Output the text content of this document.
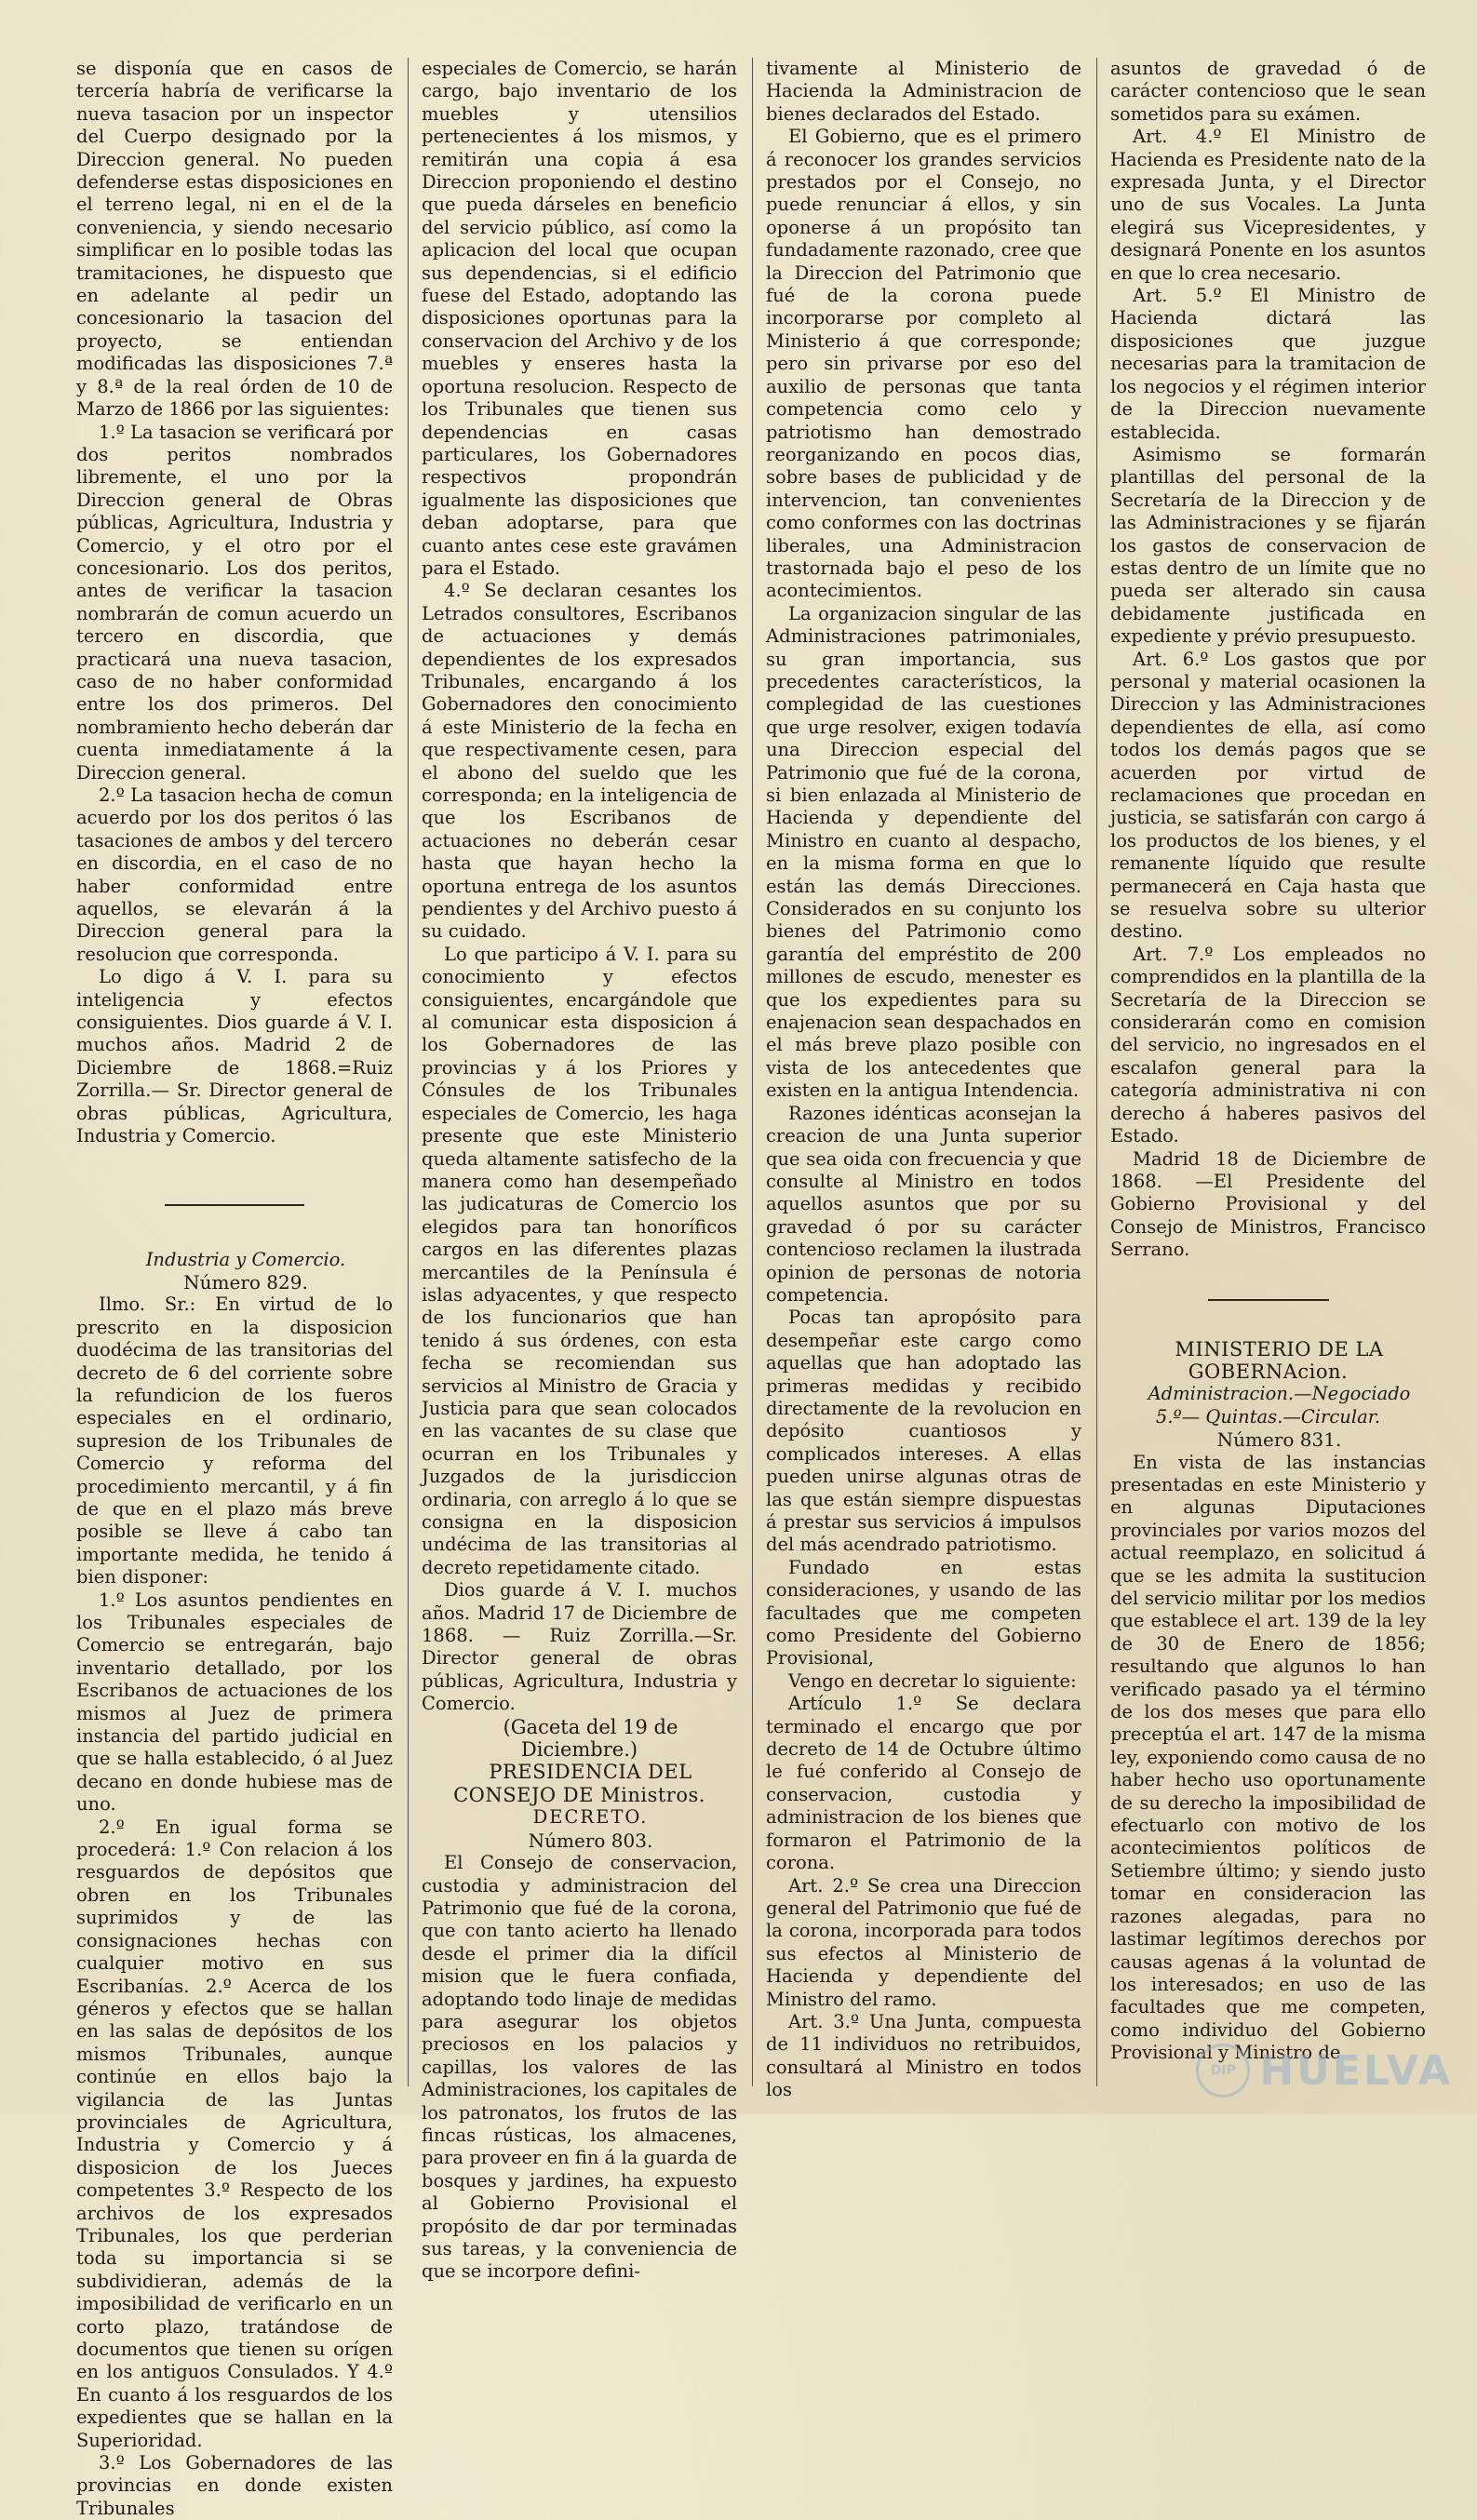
se disponía que en casos de tercería habría de verificarse la nueva tasacion por un inspector del Cuerpo designado por la Direccion general. No pueden defenderse estas disposiciones en el terreno legal, ni en el de la conveniencia, y siendo necesario simplificar en lo posible todas las tramitaciones, he dispuesto que en adelante al pedir un concesionario la tasacion del proyecto, se entiendan modificadas las disposiciones 7.ª y 8.ª de la real órden de 10 de Marzo de 1866 por las siguientes:

1.º La tasacion se verificará por dos peritos nombrados libremente, el uno por la Direccion general de Obras públicas, Agricultura, Industria y Comercio, y el otro por el concesionario. Los dos peritos, antes de verificar la tasacion nombrarán de comun acuerdo un tercero en discordia, que practicará una nueva tasacion, caso de no haber conformidad entre los dos primeros. Del nombramiento hecho deberán dar cuenta inmediatamente á la Direccion general.

2.º La tasacion hecha de comun acuerdo por los dos peritos ó las tasaciones de ambos y del tercero en discordia, en el caso de no haber conformidad entre aquellos, se elevarán á la Direccion general para la resolucion que corresponda.

Lo digo á V. I. para su inteligencia y efectos consiguientes. Dios guarde á V. I. muchos años. Madrid 2 de Diciembre de 1868.=Ruiz Zorrilla.— Sr. Director general de obras públicas, Agricultura, Industria y Comercio.

Industria y Comercio.

Número 829.

Ilmo. Sr.: En virtud de lo prescrito en la disposicion duodécima de las transitorias del decreto de 6 del corriente sobre la refundicion de los fueros especiales en el ordinario, supresion de los Tribunales de Comercio y reforma del procedimiento mercantil, y á fin de que en el plazo más breve posible se lleve á cabo tan importante medida, he tenido á bien disponer:

1.º Los asuntos pendientes en los Tribunales especiales de Comercio se entregarán, bajo inventario detallado, por los Escribanos de actuaciones de los mismos al Juez de primera instancia del partido judicial en que se halla establecido, ó al Juez decano en donde hubiese mas de uno.

2.º En igual forma se procederá: 1.º Con relacion á los resguardos de depósitos que obren en los Tribunales suprimidos y de las consignaciones hechas con cualquier motivo en sus Escribanías. 2.º Acerca de los géneros y efectos que se hallan en las salas de depósitos de los mismos Tribunales, aunque continúe en ellos bajo la vigilancia de las Juntas provinciales de Agricultura, Industria y Comercio y á disposicion de los Jueces competentes 3.º Respecto de los archivos de los expresados Tribunales, los que perderian toda su importancia si se subdividieran, además de la imposibilidad de verificarlo en un corto plazo, tratándose de documentos que tienen su orígen en los antiguos Consulados. Y 4.º En cuanto á los resguardos de los expedientes que se hallan en la Superioridad.

3.º Los Gobernadores de las provincias en donde existen Tribunales

especiales de Comercio, se harán cargo, bajo inventario de los muebles y utensilios pertenecientes á los mismos, y remitirán una copia á esa Direccion proponiendo el destino que pueda dárseles en beneficio del servicio público, así como la aplicacion del local que ocupan sus dependencias, si el edificio fuese del Estado, adoptando las disposiciones oportunas para la conservacion del Archivo y de los muebles y enseres hasta la oportuna resolucion. Respecto de los Tribunales que tienen sus dependencias en casas particulares, los Gobernadores respectivos propondrán igualmente las disposiciones que deban adoptarse, para que cuanto antes cese este gravámen para el Estado.

4.º Se declaran cesantes los Letrados consultores, Escribanos de actuaciones y demás dependientes de los expresados Tribunales, encargando á los Gobernadores den conocimiento á este Ministerio de la fecha en que respectivamente cesen, para el abono del sueldo que les corresponda; en la inteligencia de que los Escribanos de actuaciones no deberán cesar hasta que hayan hecho la oportuna entrega de los asuntos pendientes y del Archivo puesto á su cuidado.

Lo que participo á V. I. para su conocimiento y efectos consiguientes, encargándole que al comunicar esta disposicion á los Gobernadores de las provincias y á los Priores y Cónsules de los Tribunales especiales de Comercio, les haga presente que este Ministerio queda altamente satisfecho de la manera como han desempeñado las judicaturas de Comercio los elegidos para tan honoríficos cargos en las diferentes plazas mercantiles de la Península é islas adyacentes, y que respecto de los funcionarios que han tenido á sus órdenes, con esta fecha se recomiendan sus servicios al Ministro de Gracia y Justicia para que sean colocados en las vacantes de su clase que ocurran en los Tribunales y Juzgados de la jurisdiccion ordinaria, con arreglo á lo que se consigna en la disposicion undécima de las transitorias al decreto repetidamente citado.

Dios guarde á V. I. muchos años. Madrid 17 de Diciembre de 1868. — Ruiz Zorrilla.—Sr. Director general de obras públicas, Agricultura, Industria y Comercio.

(Gaceta del 19 de Diciembre.)

PRESIDENCIA DEL CONSEJO DE Ministros.

DECRETO.

Número 803.

El Consejo de conservacion, custodia y administracion del Patrimonio que fué de la corona, que con tanto acierto ha llenado desde el primer dia la difícil mision que le fuera confiada, adoptando todo linaje de medidas para asegurar los objetos preciosos en los palacios y capillas, los valores de las Administraciones, los capitales de los patronatos, los frutos de las fincas rústicas, los almacenes, para proveer en fin á la guarda de bosques y jardines, ha expuesto al Gobierno Provisional el propósito de dar por terminadas sus tareas, y la conveniencia de que se incorpore defini-

tivamente al Ministerio de Hacienda la Administracion de bienes declarados del Estado.

El Gobierno, que es el primero á reconocer los grandes servicios prestados por el Consejo, no puede renunciar á ellos, y sin oponerse á un propósito tan fundadamente razonado, cree que la Direccion del Patrimonio que fué de la corona puede incorporarse por completo al Ministerio á que corresponde; pero sin privarse por eso del auxilio de personas que tanta competencia como celo y patriotismo han demostrado reorganizando en pocos dias, sobre bases de publicidad y de intervencion, tan convenientes como conformes con las doctrinas liberales, una Administracion trastornada bajo el peso de los acontecimientos.

La organizacion singular de las Administraciones patrimoniales, su gran importancia, sus precedentes característicos, la complegidad de las cuestiones que urge resolver, exigen todavía una Direccion especial del Patrimonio que fué de la corona, si bien enlazada al Ministerio de Hacienda y dependiente del Ministro en cuanto al despacho, en la misma forma en que lo están las demás Direcciones. Considerados en su conjunto los bienes del Patrimonio como garantía del empréstito de 200 millones de escudo, menester es que los expedientes para su enajenacion sean despachados en el más breve plazo posible con vista de los antecedentes que existen en la antigua Intendencia.

Razones idénticas aconsejan la creacion de una Junta superior que sea oida con frecuencia y que consulte al Ministro en todos aquellos asuntos que por su gravedad ó por su carácter contencioso reclamen la ilustrada opinion de personas de notoria competencia.

Pocas tan apropósito para desempeñar este cargo como aquellas que han adoptado las primeras medidas y recibido directamente de la revolucion en depósito cuantiosos y complicados intereses. A ellas pueden unirse algunas otras de las que están siempre dispuestas á prestar sus servicios á impulsos del más acendrado patriotismo.

Fundado en estas consideraciones, y usando de las facultades que me competen como Presidente del Gobierno Provisional,

Vengo en decretar lo siguiente:

Artículo 1.º Se declara terminado el encargo que por decreto de 14 de Octubre último le fué conferido al Consejo de conservacion, custodia y administracion de los bienes que formaron el Patrimonio de la corona.

Art. 2.º Se crea una Direccion general del Patrimonio que fué de la corona, incorporada para todos sus efectos al Ministerio de Hacienda y dependiente del Ministro del ramo.

Art. 3.º Una Junta, compuesta de 11 individuos no retribuidos, consultará al Ministro en todos los

asuntos de gravedad ó de carácter contencioso que le sean sometidos para su exámen.

Art. 4.º El Ministro de Hacienda es Presidente nato de la expresada Junta, y el Director uno de sus Vocales. La Junta elegirá sus Vicepresidentes, y designará Ponente en los asuntos en que lo crea necesario.

Art. 5.º El Ministro de Hacienda dictará las disposiciones que juzgue necesarias para la tramitacion de los negocios y el régimen interior de la Direccion nuevamente establecida.

Asimismo se formarán plantillas del personal de la Secretaría de la Direccion y de las Administraciones y se fijarán los gastos de conservacion de estas dentro de un límite que no pueda ser alterado sin causa debidamente justificada en expediente y prévio presupuesto.

Art. 6.º Los gastos que por personal y material ocasionen la Direccion y las Administraciones dependientes de ella, así como todos los demás pagos que se acuerden por virtud de reclamaciones que procedan en justicia, se satisfarán con cargo á los productos de los bienes, y el remanente líquido que resulte permanecerá en Caja hasta que se resuelva sobre su ulterior destino.

Art. 7.º Los empleados no comprendidos en la plantilla de la Secretaría de la Direccion se considerarán como en comision del servicio, no ingresados en el escalafon general para la categoría administrativa ni con derecho á haberes pasivos del Estado.

Madrid 18 de Diciembre de 1868. —El Presidente del Gobierno Provisional y del Consejo de Ministros, Francisco Serrano.

MINISTERIO DE LA GOBERNAcion.

Administracion.—Negociado 5.º— Quintas.—Circular.

Número 831.

En vista de las instancias presentadas en este Ministerio y en algunas Diputaciones provinciales por varios mozos del actual reemplazo, en solicitud á que se les admita la sustitucion del servicio militar por los medios que establece el art. 139 de la ley de 30 de Enero de 1856; resultando que algunos lo han verificado pasado ya el término de los dos meses que para ello preceptúa el art. 147 de la misma ley, exponiendo como causa de no haber hecho uso oportunamente de su derecho la imposibilidad de efectuarlo con motivo de los acontecimientos políticos de Setiembre último; y siendo justo tomar en consideracion las razones alegadas, para no lastimar legítimos derechos por causas agenas á la voluntad de los interesados; en uso de las facultades que me competen, como individuo del Gobierno Provisional y Ministro de

DIP HUELVA
